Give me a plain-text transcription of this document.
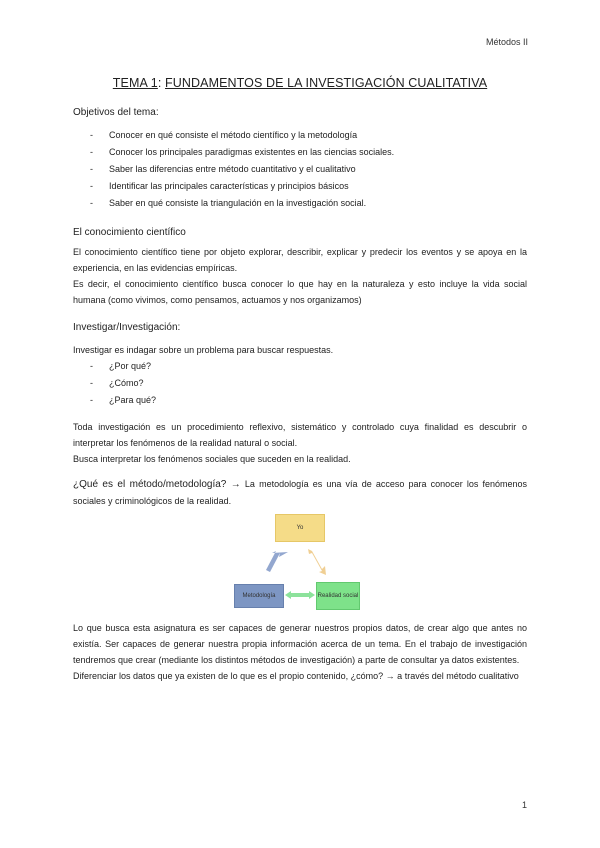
Métodos II
TEMA 1: FUNDAMENTOS DE LA INVESTIGACIÓN CUALITATIVA
Objetivos del tema:
- Conocer en qué consiste el método científico y la metodología
- Conocer los principales paradigmas existentes en las ciencias sociales.
- Saber las diferencias entre método cuantitativo y el cualitativo
- Identificar las principales características y principios básicos
- Saber en qué consiste la triangulación en la investigación social.
El conocimiento científico
El conocimiento científico tiene por objeto explorar, describir, explicar y predecir los eventos y se apoya en la experiencia, en las evidencias empíricas.
Es decir, el conocimiento científico busca conocer lo que hay en la naturaleza y esto incluye la vida social humana (como vivimos, como pensamos, actuamos y nos organizamos)
Investigar/Investigación:
Investigar es indagar sobre un problema para buscar respuestas.
- ¿Por qué?
- ¿Cómo?
- ¿Para qué?
Toda investigación es un procedimiento reflexivo, sistemático y controlado cuya finalidad es descubrir o interpretar los fenómenos de la realidad natural o social.
Busca interpretar los fenómenos sociales que suceden en la realidad.
¿Qué es el método/metodología? → La metodología es una vía de acceso para conocer los fenómenos sociales y criminológicos de la realidad.
Yo
Metodología	Realidad social
Lo que busca esta asignatura es ser capaces de generar nuestros propios datos, de crear algo que antes no existía. Ser capaces de generar nuestra propia información acerca de un tema. En el trabajo de investigación tendremos que crear (mediante los distintos métodos de investigación) a parte de consultar ya datos existentes.
Diferenciar los datos que ya existen de lo que es el propio contenido, ¿cómo? → a través del método cualitativo
1
